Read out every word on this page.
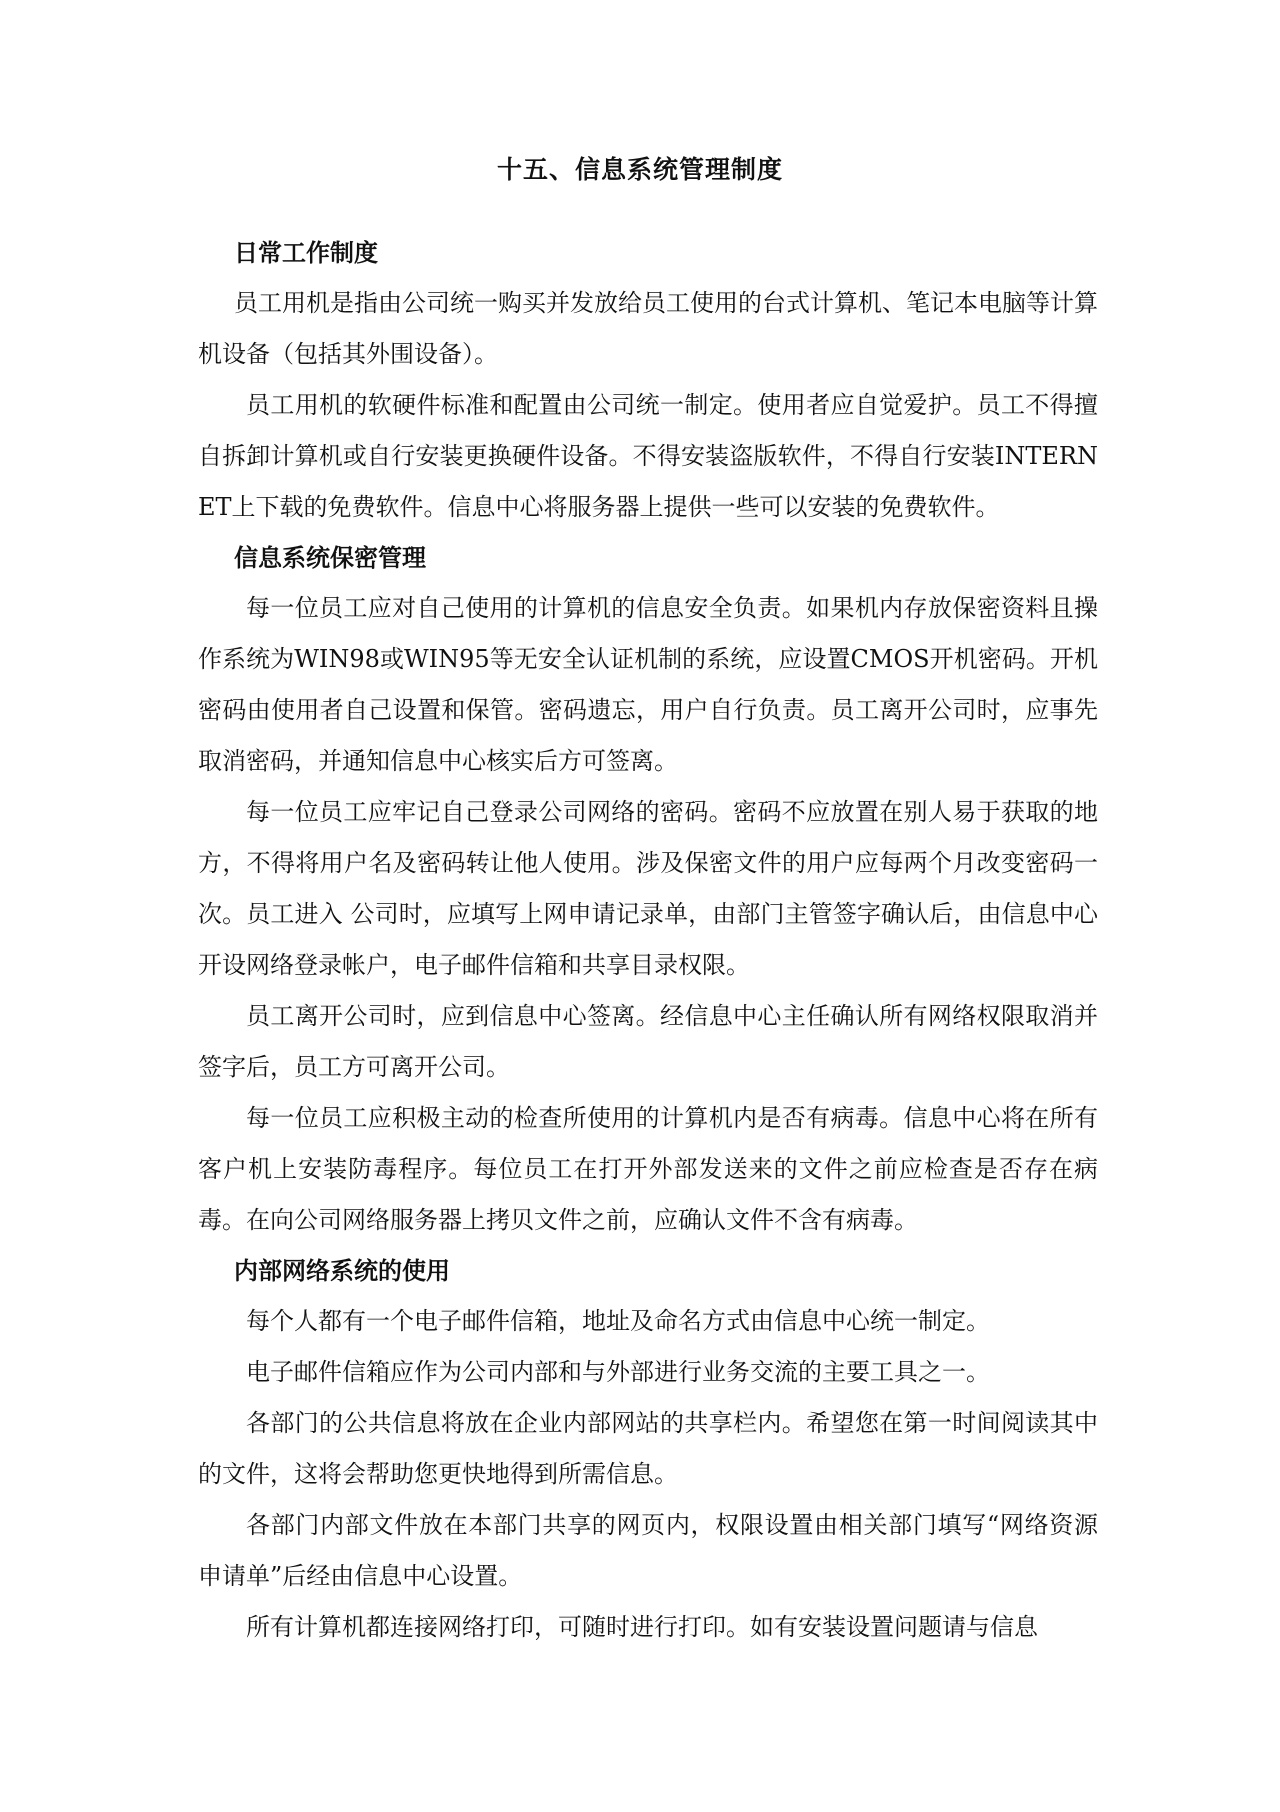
十五、信息系统管理制度
日常工作制度

员工用机是指由公司统一购买并发放给员工使用的台式计算机、笔记本电脑等计算机设备（包括其外围设备）。

员工用机的软硬件标准和配置由公司统一制定。使用者应自觉爱护。员工不得擅自拆卸计算机或自行安装更换硬件设备。不得安装盗版软件，不得自行安装INTERNET上下载的免费软件。信息中心将服务器上提供一些可以安装的免费软件。

信息系统保密管理

每一位员工应对自己使用的计算机的信息安全负责。如果机内存放保密资料且操作系统为WIN98或WIN95等无安全认证机制的系统，应设置CMOS开机密码。开机密码由使用者自己设置和保管。密码遗忘，用户自行负责。员工离开公司时，应事先取消密码，并通知信息中心核实后方可签离。

每一位员工应牢记自己登录公司网络的密码。密码不应放置在别人易于获取的地方，不得将用户名及密码转让他人使用。涉及保密文件的用户应每两个月改变密码一次。员工进入 公司时，应填写上网申请记录单，由部门主管签字确认后，由信息中心开设网络登录帐户，电子邮件信箱和共享目录权限。

员工离开公司时，应到信息中心签离。经信息中心主任确认所有网络权限取消并签字后，员工方可离开公司。

每一位员工应积极主动的检查所使用的计算机内是否有病毒。信息中心将在所有客户机上安装防毒程序。每位员工在打开外部发送来的文件之前应检查是否存在病毒。在向公司网络服务器上拷贝文件之前，应确认文件不含有病毒。

内部网络系统的使用

每个人都有一个电子邮件信箱，地址及命名方式由信息中心统一制定。

电子邮件信箱应作为公司内部和与外部进行业务交流的主要工具之一。

各部门的公共信息将放在企业内部网站的共享栏内。希望您在第一时间阅读其中的文件，这将会帮助您更快地得到所需信息。

各部门内部文件放在本部门共享的网页内，权限设置由相关部门填写“网络资源申请单”后经由信息中心设置。

所有计算机都连接网络打印，可随时进行打印。如有安装设置问题请与信息
